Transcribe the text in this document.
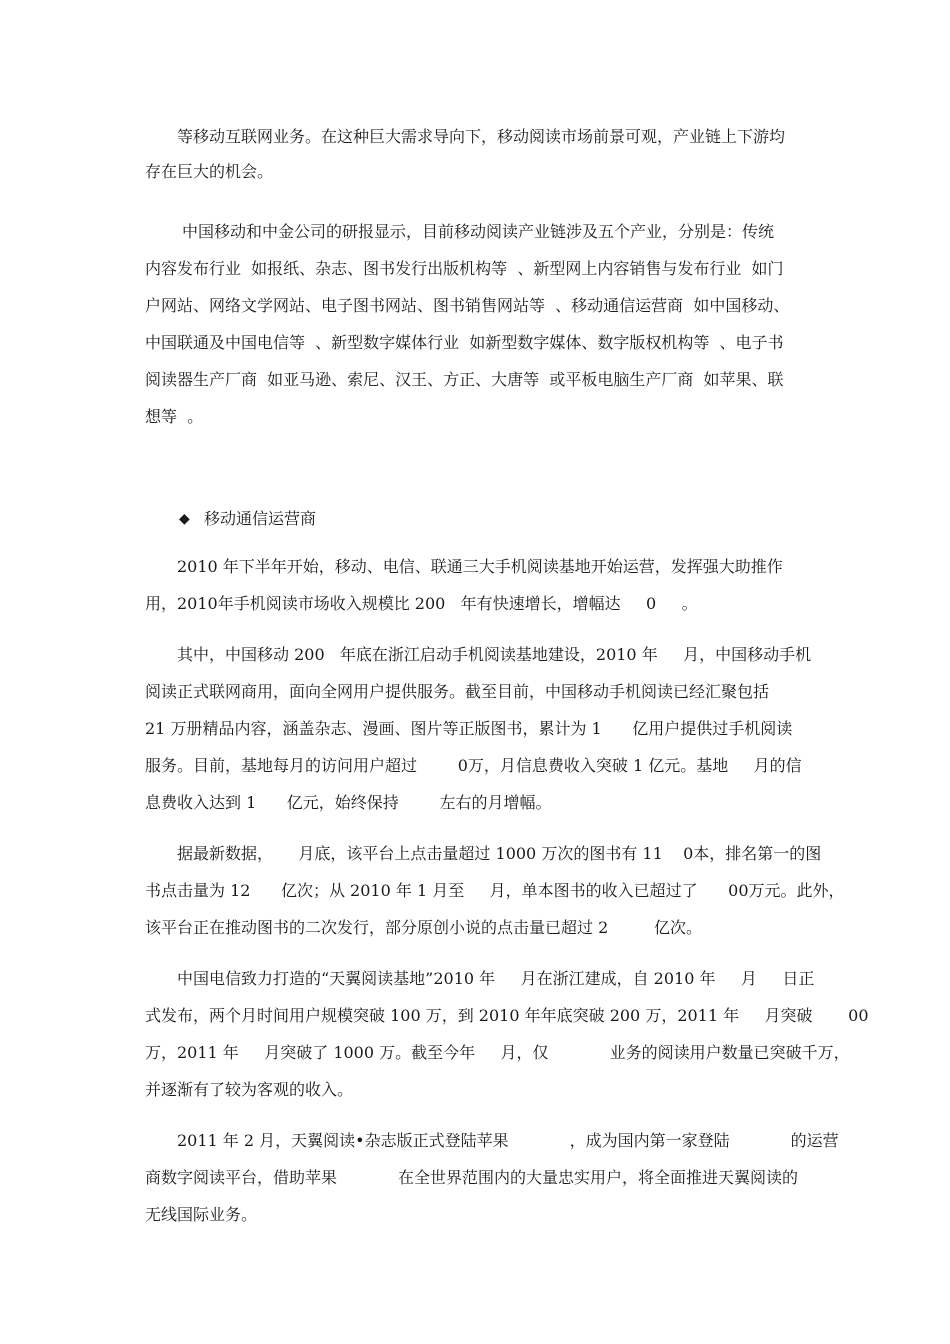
等移动互联网业务。在这种巨大需求导向下，移动阅读市场前景可观，产业链上下游均
存在巨大的机会。
中国移动和中金公司的研报显示，目前移动阅读产业链涉及五个产业，分别是：传统
内容发布行业  如报纸、杂志、图书发行出版机构等  、新型网上内容销售与发布行业  如门
户网站、网络文学网站、电子图书网站、图书销售网站等  、移动通信运营商  如中国移动、
中国联通及中国电信等  、新型数字媒体行业  如新型数字媒体、数字版权机构等  、电子书
阅读器生产厂商  如亚马逊、索尼、汉王、方正、大唐等  或平板电脑生产厂商  如苹果、联
想等  。
◆ 移动通信运营商
2010 年下半年开始，移动、电信、联通三大手机阅读基地开始运营，发挥强大助推作
用，2010年手机阅读市场收入规模比 200   年有快速增长，增幅达     0     。
其中，中国移动 200   年底在浙江启动手机阅读基地建设，2010 年     月，中国移动手机
阅读正式联网商用，面向全网用户提供服务。截至目前，中国移动手机阅读已经汇聚包括
21 万册精品内容，涵盖杂志、漫画、图片等正版图书，累计为 1      亿用户提供过手机阅读
服务。目前，基地每月的访问用户超过        0万，月信息费收入突破 1 亿元。基地     月的信
息费收入达到 1      亿元，始终保持        左右的月增幅。
据最新数据，     月底，该平台上点击量超过 1000 万次的图书有 11    0本，排名第一的图
书点击量为 12      亿次；从 2010 年 1 月至     月，单本图书的收入已超过了      00万元。此外，
该平台正在推动图书的二次发行，部分原创小说的点击量已超过 2         亿次。
中国电信致力打造的“天翼阅读基地”2010 年     月在浙江建成，自 2010 年     月     日正
式发布，两个月时间用户规模突破 100 万，到 2010 年年底突破 200 万，2011 年     月突破       00
万，2011 年     月突破了 1000 万。截至今年     月，仅            业务的阅读用户数量已突破千万，
并逐渐有了较为客观的收入。
2011 年 2 月，天翼阅读•杂志版正式登陆苹果            ，成为国内第一家登陆            的运营
商数字阅读平台，借助苹果            在全世界范围内的大量忠实用户，将全面推进天翼阅读的
无线国际业务。
